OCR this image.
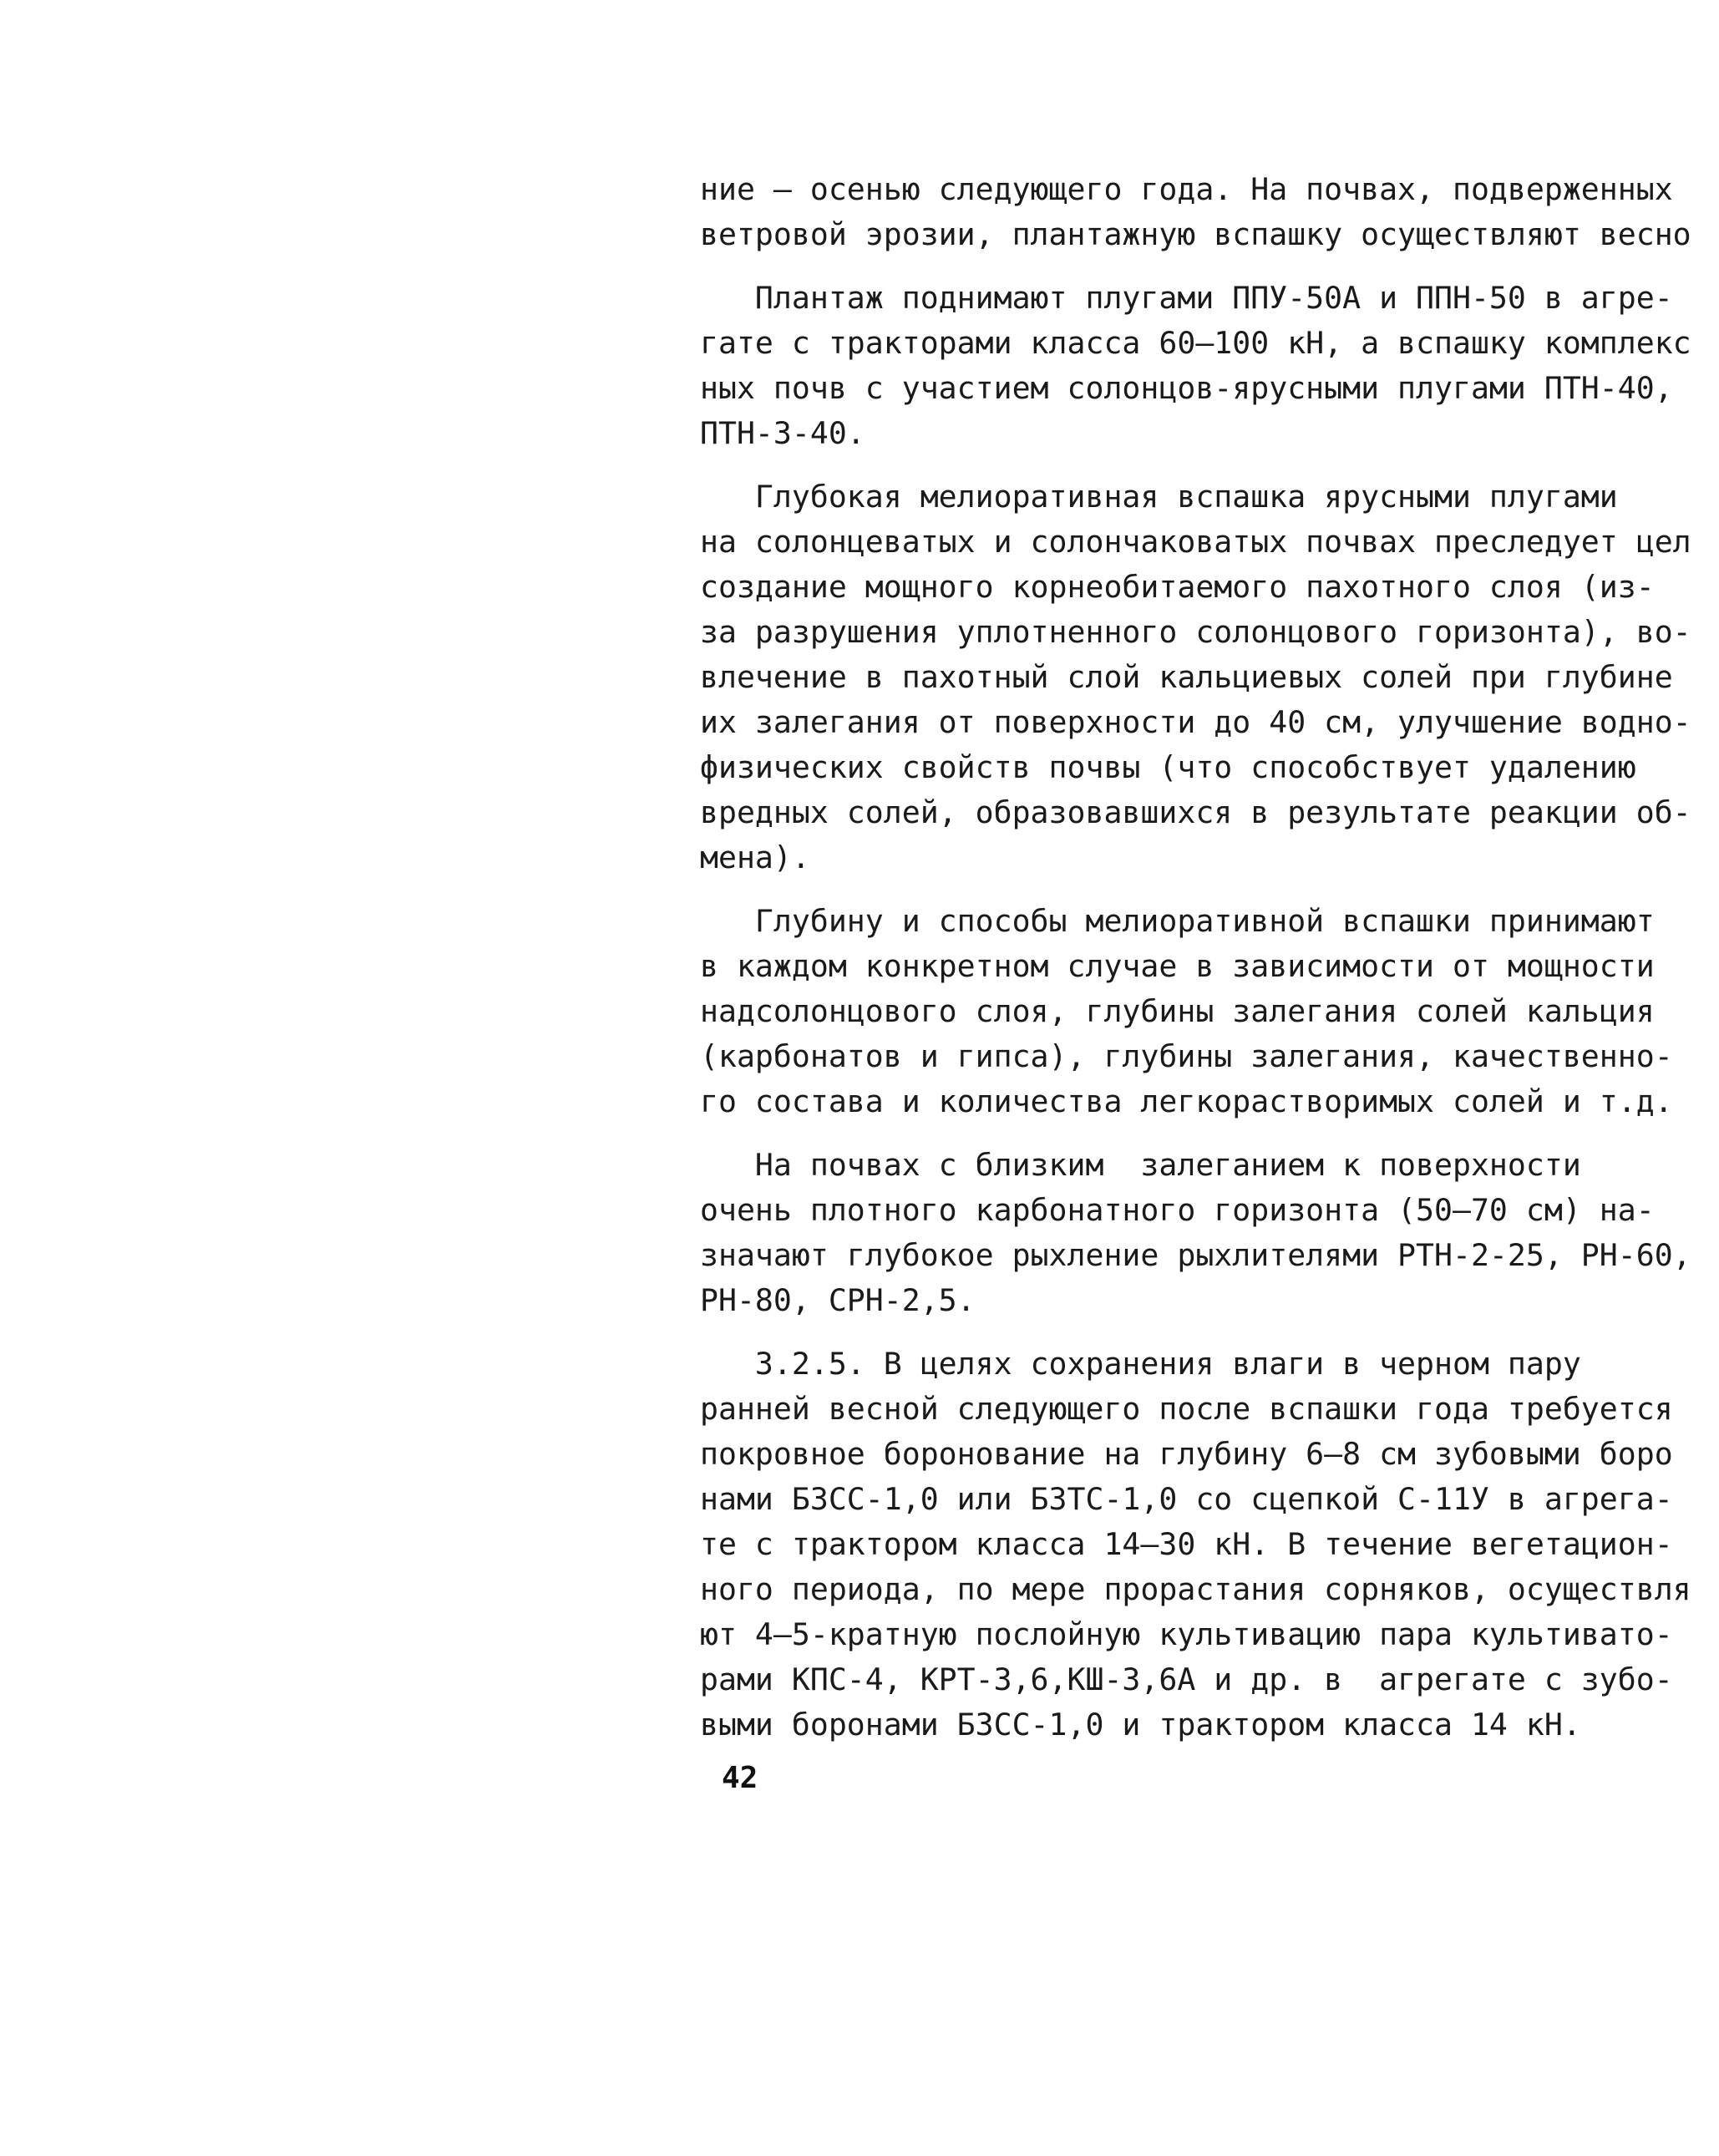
ние – осенью следующего года. На почвах, подверженных
ветровой эрозии, плантажную вспашку осуществляют весно
Плантаж поднимают плугами ППУ-50А и ППН-50 в агре-
гате с тракторами класса 60–100 кН, а вспашку комплекс
ных почв с участием солонцов-ярусными плугами ПТН-40,
ПТН-3-40.
Глубокая мелиоративная вспашка ярусными плугами
на солонцеватых и солончаковатых почвах преследует цел
создание мощного корнеобитаемого пахотного слоя (из-
за разрушения уплотненного солонцового горизонта), во-
влечение в пахотный слой кальциевых солей при глубине
их залегания от поверхности до 40 см, улучшение водно-
физических свойств почвы (что способствует удалению
вредных солей, образовавшихся в результате реакции об-
мена).
Глубину и способы мелиоративной вспашки принимают
в каждом конкретном случае в зависимости от мощности
надсолонцового слоя, глубины залегания солей кальция
(карбонатов и гипса), глубины залегания, качественно-
го состава и количества легкорастворимых солей и т.д.
На почвах с близким  залеганием к поверхности
очень плотного карбонатного горизонта (50–70 см) на-
значают глубокое рыхление рыхлителями РТН-2-25, РН-60,
РН-80, СРН-2,5.
3.2.5. В целях сохранения влаги в черном пару
ранней весной следующего после вспашки года требуется
покровное боронование на глубину 6–8 см зубовыми боро
нами БЗСС-1,0 или БЗТС-1,0 со сцепкой С-11У в агрега-
те с трактором класса 14–30 кН. В течение вегетацион-
ного периода, по мере прорастания сорняков, осуществля
ют 4–5-кратную послойную культивацию пара культивато-
рами КПС-4, КРТ-3,6,КШ-3,6А и др. в  агрегате с зубо-
выми боронами БЗСС-1,0 и трактором класса 14 кН.
42
